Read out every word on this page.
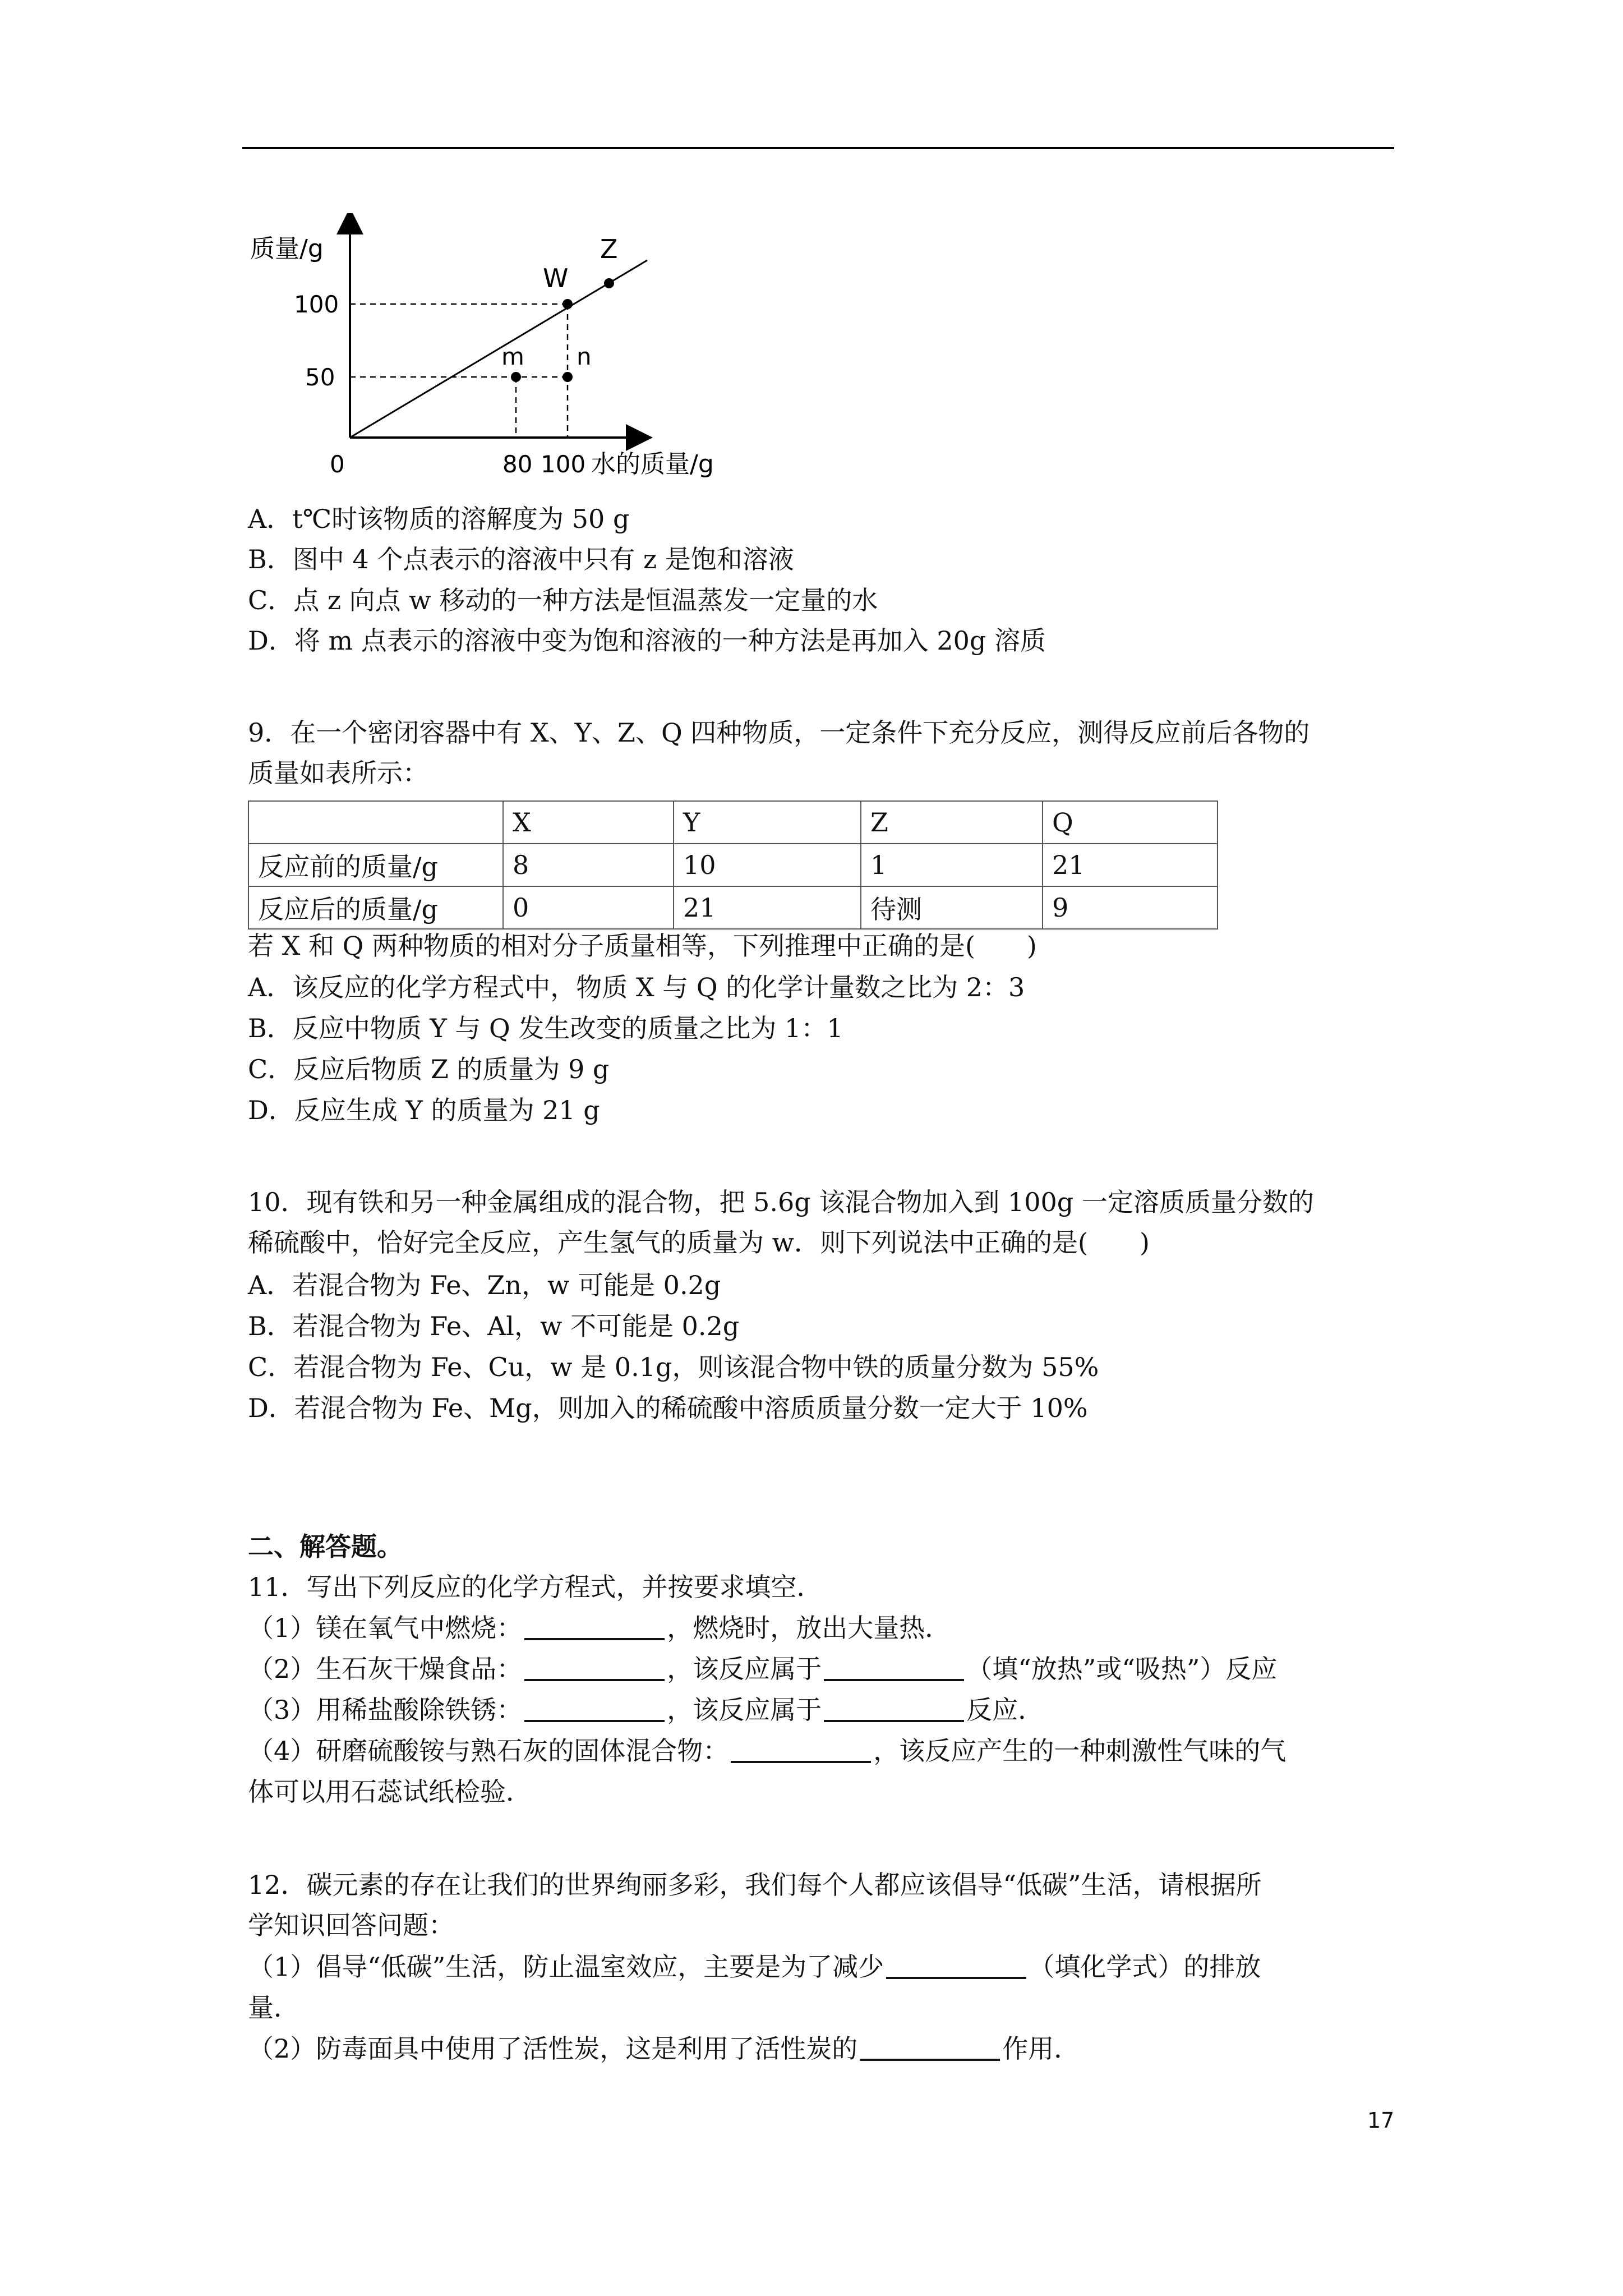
质量/g
水的质量/g
0
100
50
80 100
W
Z
m n
A．t℃时该物质的溶解度为 50 g
B．图中 4 个点表示的溶液中只有 z 是饱和溶液
C．点 z 向点 w 移动的一种方法是恒温蒸发一定量的水
D．将 m 点表示的溶液中变为饱和溶液的一种方法是再加入 20g 溶质
9．在一个密闭容器中有 X、Y、Z、Q 四种物质，一定条件下充分反应，测得反应前后各物的
质量如表所示：
	X	Y	Z	Q
反应前的质量/g	8	10	1	21
反应后的质量/g	0	21	待测	9
若 X 和 Q 两种物质的相对分子质量相等，下列推理中正确的是(　　)
A．该反应的化学方程式中，物质 X 与 Q 的化学计量数之比为 2：3
B．反应中物质 Y 与 Q 发生改变的质量之比为 1：1
C．反应后物质 Z 的质量为 9 g
D．反应生成 Y 的质量为 21 g
10．现有铁和另一种金属组成的混合物，把 5.6g 该混合物加入到 100g 一定溶质质量分数的
稀硫酸中，恰好完全反应，产生氢气的质量为 w．则下列说法中正确的是(　　)
A．若混合物为 Fe、Zn，w 可能是 0.2g
B．若混合物为 Fe、Al，w 不可能是 0.2g
C．若混合物为 Fe、Cu，w 是 0.1g，则该混合物中铁的质量分数为 55%
D．若混合物为 Fe、Mg，则加入的稀硫酸中溶质质量分数一定大于 10%
二、解答题。
11．写出下列反应的化学方程式，并按要求填空．
（1）镁在氧气中燃烧：	，燃烧时，放出大量热．
（2）生石灰干燥食品：	，该反应属于	（填“放热”或“吸热”）反应
（3）用稀盐酸除铁锈：	，该反应属于	反应．
（4）研磨硫酸铵与熟石灰的固体混合物：	，该反应产生的一种刺激性气味的气
体可以用石蕊试纸检验．
12．碳元素的存在让我们的世界绚丽多彩，我们每个人都应该倡导“低碳”生活，请根据所
学知识回答问题：
（1）倡导“低碳”生活，防止温室效应，主要是为了减少	（填化学式）的排放
量．
（2）防毒面具中使用了活性炭，这是利用了活性炭的	作用．
17
